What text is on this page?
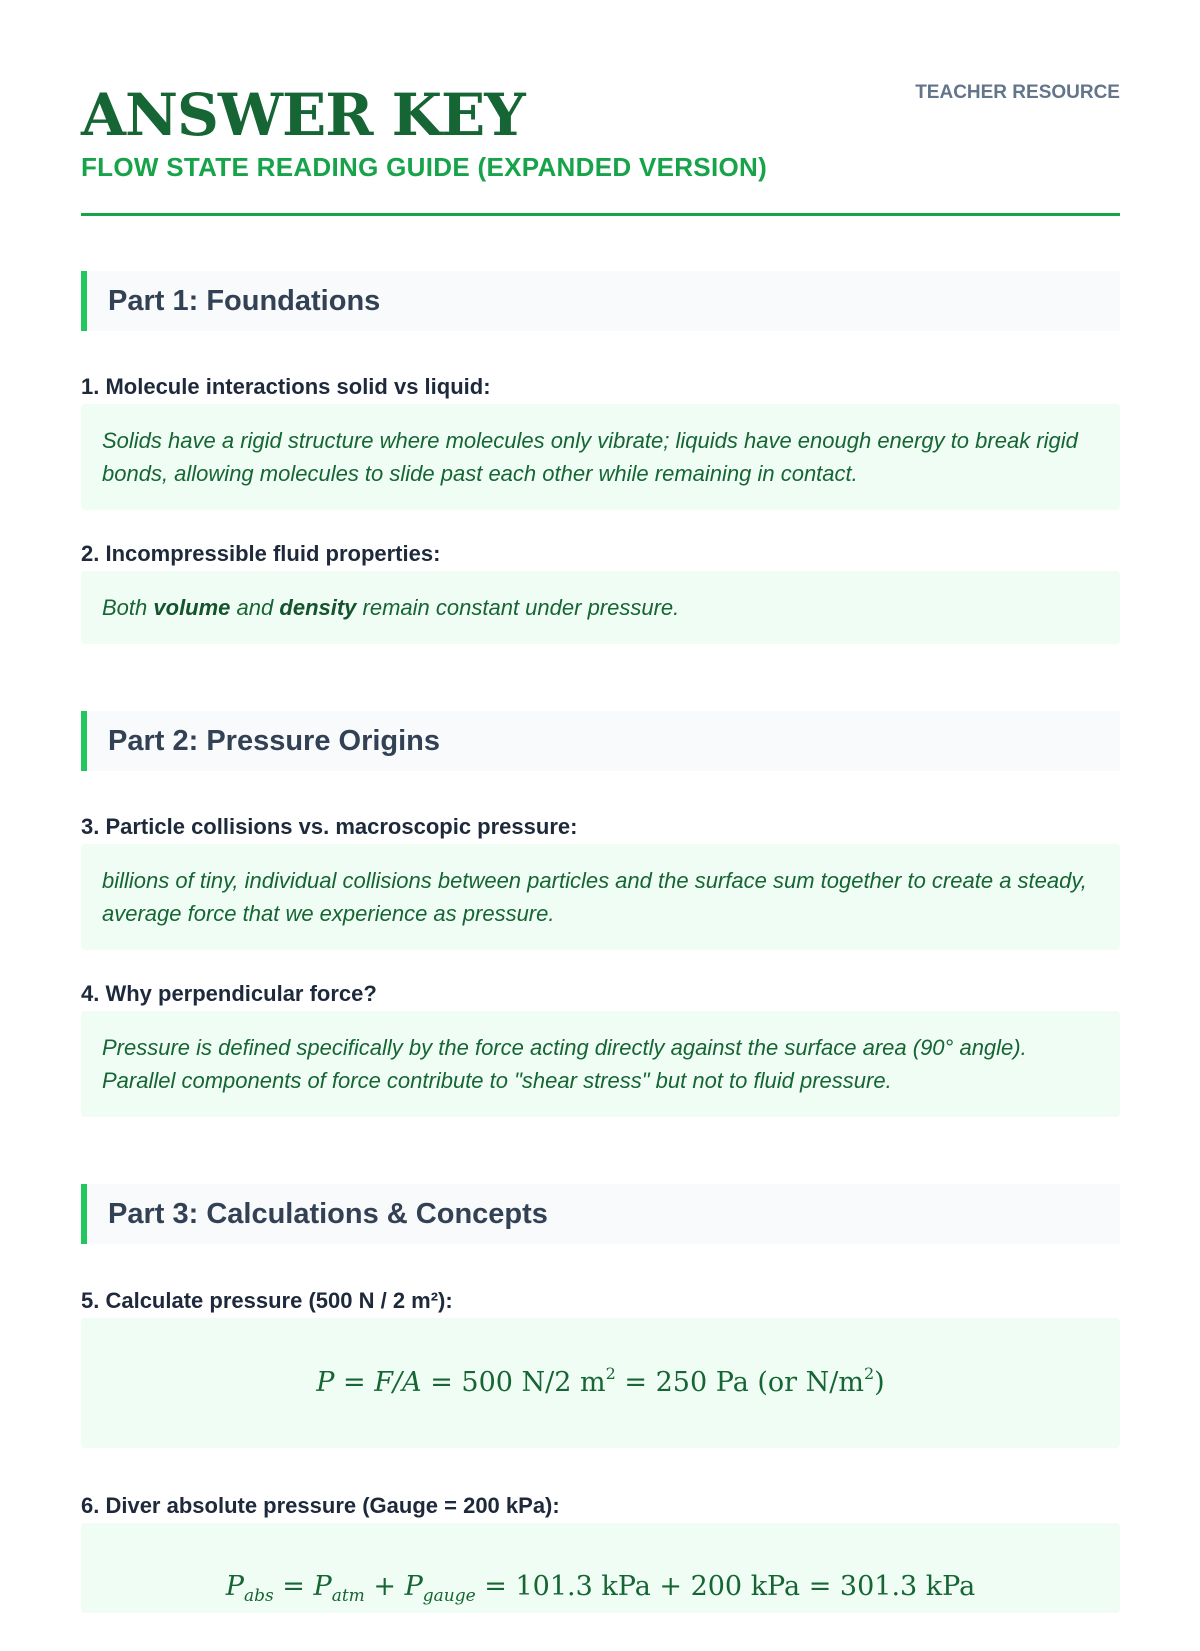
ANSWER KEY
FLOW STATE READING GUIDE (EXPANDED VERSION)
TEACHER RESOURCE
Part 1: Foundations
1. Molecule interactions solid vs liquid:
Solids have a rigid structure where molecules only vibrate; liquids have enough energy to break rigid bonds, allowing molecules to slide past each other while remaining in contact.
2. Incompressible fluid properties:
Both volume and density remain constant under pressure.
Part 2: Pressure Origins
3. Particle collisions vs. macroscopic pressure:
billions of tiny, individual collisions between particles and the surface sum together to create a steady, average force that we experience as pressure.
4. Why perpendicular force?
Pressure is defined specifically by the force acting directly against the surface area (90° angle). Parallel components of force contribute to "shear stress" but not to fluid pressure.
Part 3: Calculations & Concepts
5. Calculate pressure (500 N / 2 m²):
P = F/A = 500 N/2 $m^2 = 250$ Pa (or $N/m^2$)
6. Diver absolute pressure (Gauge = 200 kPa):
$P_{abs} = P_{atm} + P_{gauge} = 101.3$ kPa + 200 kPa = 301.3 kPa
